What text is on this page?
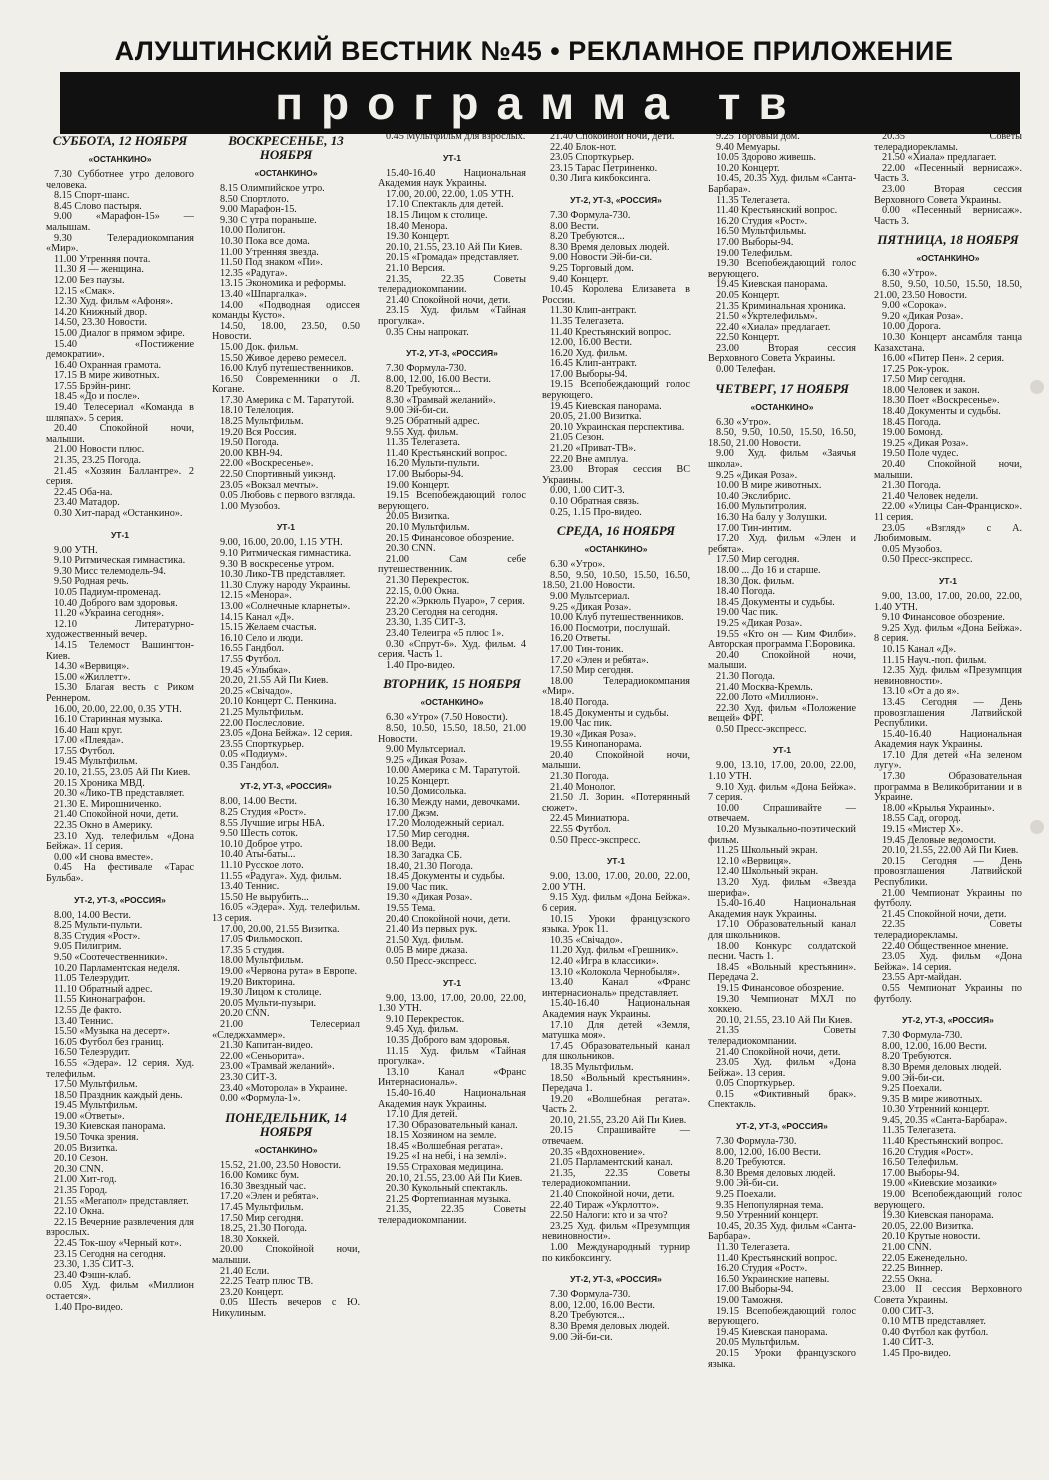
АЛУШТИНСКИЙ ВЕСТНИК №45 • РЕКЛАМНОЕ ПРИЛОЖЕНИЕ
программа тв
СУББОТА, 12 НОЯБРЯ
«ОСТАНКИНО»

7.30 Субботнее утро делового человека.

8.15 Спорт-шанс.

8.45 Слово пастыря.

9.00 «Марафон-15» — малышам.

9.30 Телерадиокомпания «Мир».

11.00 Утренняя почта.

11.30 Я — женщина.

12.00 Без паузы.

12.15 «Смак».

12.30 Худ. фильм «Афоня».

14.20 Книжный двор.

14.50, 23.30 Новости.

15.00 Диалог в прямом эфире.

15.40 «Постижение демократии».

16.40 Охранная грамота.

17.15 В мире животных.

17.55 Брэйн-ринг.

18.45 «До и после».

19.40 Телесериал «Команда в шляпах». 5 серия.

20.40 Спокойной ночи, малыши.

21.00 Новости плюс.

21.35, 23.25 Погода.

21.45 «Хозяин Баллантре». 2 серия.

22.45 Оба-на.

23.40 Матадор.

0.30 Хит-парад «Останкино».

УТ-1

9.00 УТН.

9.10 Ритмическая гимнастика.

9.30 Мисс телемодель-94.

9.50 Родная речь.

10.05 Падиум-променад.

10.40 Доброго вам здоровья.

11.20 «Украина сегодня».

12.10 Литературно-художественный вечер.

14.15 Телемост Вашингтон-Киев.

14.30 «Вервиця».

15.00 «Жиллетт».

15.30 Благая весть с Риком Реннером.

16.00, 20.00, 22.00, 0.35 УТН.

16.10 Старинная музыка.

16.40 Наш круг.

17.00 «Плеяда».

17.55 Футбол.

19.45 Мультфильм.

20.10, 21.55, 23.05 Ай Пи Киев.

20.15 Хроника МВД.

20.30 «Лико-ТВ представляет.

21.30 Е. Мирошниченко.

21.40 Спокойной ночи, дети.

22.35 Окно в Америку.

23.10 Худ. телефильм «Дона Бейжа». 11 серия.

0.00 «И снова вместе».

0.45 На фестивале «Тарас Бульба».

УТ-2, УТ-3, «РОССИЯ»

8.00, 14.00 Вести.

8.25 Мульти-пульти.

8.35 Студия «Рост».

9.05 Пилигрим.

9.50 «Соотечественники».

10.20 Парламентская неделя.

11.05 Телеэрудит.

11.10 Обратный адрес.

11.55 Кинонаграфон.

12.55 Де факто.

13.40 Теннис.

15.50 «Музыка на десерт».

16.05 Футбол без границ.

16.50 Телеэрудит.

16.55 «Эдера». 12 серия. Худ. телефильм.

17.50 Мультфильм.

18.50 Праздник каждый день.

19.45 Мультфильм.

19.00 «Ответы».

19.30 Киевская панорама.

19.50 Точка зрения.

20.05 Визитка.

20.10 Сезон.

20.30 CNN.

21.00 Хит-год.

21.35 Город.

21.55 «Мегапол» представляет.

22.10 Окна.

22.15 Вечерние развлечения для взрослых.

22.45 Ток-шоу «Черный кот».

23.15 Сегодня на сегодня.

23.30, 1.35 СИТ-3.

23.40 Фэшн-клаб.

0.05 Худ. фильм «Миллион остается».

1.40 Про-видео.

ВОСКРЕСЕНЬЕ, 13 НОЯБРЯ
«ОСТАНКИНО»

8.15 Олимпийское утро.

8.50 Спортлото.

9.00 Марафон-15.

9.30 С утра пораньше.

10.00 Полигон.

10.30 Пока все дома.

11.00 Утренняя звезда.

11.50 Под знаком «Пи».

12.35 «Радуга».

13.15 Экономика и реформы.

13.40 «Шпаргалка».

14.00 «Подводная одиссея команды Кусто».

14.50, 18.00, 23.50, 0.50 Новости.

15.00 Док. фильм.

15.50 Живое дерево ремесел.

16.00 Клуб путешественников.

16.50 Современники о Л. Когане.

17.30 Америка с М. Таратутой.

18.10 Телелоция.

18.25 Мультфильм.

19.20 Вся Россия.

19.50 Погода.

20.00 КВН-94.

22.00 «Воскресенье».

22.50 Спортивный уикэнд.

23.05 «Вокзал мечты».

0.05 Любовь с первого взгляда.

1.00 Музобоз.

УТ-1

9.00, 16.00, 20.00, 1.15 УТН.

9.10 Ритмическая гимнастика.

9.30 В воскресенье утром.

10.30 Лико-ТВ представляет.

11.30 Служу народу Украины.

12.15 «Менора».

13.00 «Солнечные кларнеты».

14.15 Канал «Д».

15.15 Желаем счастья.

16.10 Село и люди.

16.55 Гандбол.

17.55 Футбол.

19.45 «Улыбка».

20.20, 21.55 Ай Пи Киев.

20.25 «Свічадо».

20.10 Концерт С. Пенкина.

21.25 Мультфильм.

22.00 Послесловие.

23.05 «Дона Бейжа». 12 серия.

23.55 Спорткурьер.

0.05 «Подиум».

0.35 Гандбол.

УТ-2, УТ-3, «РОССИЯ»

8.00, 14.00 Вести.

8.25 Студия «Рост».

8.55 Лучшие игры НБА.

9.50 Шесть соток.

10.10 Доброе утро.

10.40 Аты-баты...

11.10 Русское лото.

11.55 «Радуга». Худ. фильм.

13.40 Теннис.

15.50 Не вырубить...

16.05 «Эдера». Худ. телефильм. 13 серия.

17.00, 20.00, 21.55 Визитка.

17.05 Фильмоскоп.

17.35 5 студия.

18.00 Мультфильм.

19.00 «Червона рута» в Европе.

19.20 Викторина.

19.30 Лицом к столице.

20.05 Мульти-пузыри.

20.20 CNN.

21.00 Телесериал «Следжхаммер».

21.30 Капитан-видео.

22.00 «Сеньорита».

23.00 «Трамвай желаний».

23.30 СИТ-3.

23.40 «Моторола» в Украине.

0.00 «Формула-1».

ПОНЕДЕЛЬНИК, 14 НОЯБРЯ
«ОСТАНКИНО»

15.52, 21.00, 23.50 Новости.

16.00 Комикс бум.

16.30 Звездный час.

17.20 «Элен и ребята».

17.45 Мультфильм.

17.50 Мир сегодня.

18.25, 21.30 Погода.

18.30 Хоккей.

20.00 Спокойной ночи, малыши.

21.40 Если.

22.25 Театр плюс ТВ.

23.20 Концерт.

0.05 Шесть вечеров с Ю. Никулиным.

0.45 Мультфильм для взрослых.

УТ-1

15.40-16.40 Национальная Академия наук Украины.

17.00, 20.00, 22.00, 1.05 УТН.

17.10 Спектакль для детей.

18.15 Лицом к столице.

18.40 Менора.

19.30 Концерт.

20.10, 21.55, 23.10 Ай Пи Киев.

20.15 «Громада» представляет.

21.10 Версия.

21.35, 22.35 Советы телерадиокомпании.

21.40 Спокойной ночи, дети.

23.15 Худ. фильм «Тайная прогулка».

0.35 Сны напрокат.

УТ-2, УТ-3, «РОССИЯ»

7.30 Формула-730.

8.00, 12.00, 16.00 Вести.

8.20 Требуются...

8.30 «Трамвай желаний».

9.00 Эй-би-си.

9.25 Обратный адрес.

9.55 Худ. фильм.

11.35 Телегазета.

11.40 Крестьянский вопрос.

16.20 Мульти-пульти.

17.00 Выборы-94.

19.00 Концерт.

19.15 Всепобеждающий голос верующего.

20.05 Визитка.

20.10 Мультфильм.

20.15 Финансовое обозрение.

20.30 CNN.

21.00 Сам себе путешественник.

21.30 Перекресток.

22.15, 0.00 Окна.

22.20 «Эркюль Пуаро», 7 серия.

23.20 Сегодня на сегодня.

23.30, 1.35 СИТ-3.

23.40 Телеигра «5 плюс 1».

0.30 «Спрут-6». Худ. фильм. 4 серия. Часть 1.

1.40 Про-видео.

ВТОРНИК, 15 НОЯБРЯ
«ОСТАНКИНО»

6.30 «Утро» (7.50 Новости).

8.50, 10.50, 15.50, 18.50, 21.00 Новости.

9.00 Мультсериал.

9.25 «Дикая Роза».

10.00 Америка с М. Таратутой.

10.25 Концерт.

10.50 Домисолька.

16.30 Между нами, девочками.

17.00 Джэм.

17.20 Молодежный сериал.

17.50 Мир сегодня.

18.00 Веди.

18.30 Загадка СБ.

18.40, 21.30 Погода.

18.45 Документы и судьбы.

19.00 Час пик.

19.30 «Дикая Роза».

19.55 Тема.

20.40 Спокойной ночи, дети.

21.40 Из первых рук.

21.50 Худ. фильм.

0.05 В мире джаза.

0.50 Пресс-экспресс.

УТ-1

9.00, 13.00, 17.00, 20.00, 22.00, 1.30 УТН.

9.10 Перекресток.

9.45 Худ. фильм.

10.35 Доброго вам здоровья.

11.15 Худ. фильм «Тайная прогулка».

13.10 Канал «Франс Интернасиональ».

15.40-16.40 Национальная Академия наук Украины.

17.10 Для детей.

17.30 Образовательный канал.

18.15 Хозяином на земле.

18.45 «Волшебная регата».

19.25 «І на небі, і на землі».

19.55 Страховая медицина.

20.10, 21.55, 23.00 Ай Пи Киев.

20.30 Кукольный спектакль.

21.25 Фортепианная музыка.

21.35, 22.35 Советы телерадиокомпании.

21.40 Спокойной ночи, дети.

22.40 Блок-нот.

23.05 Спорткурьер.

23.15 Тарас Петриненко.

0.30 Лига кикбоксинга.

УТ-2, УТ-3, «РОССИЯ»

7.30 Формула-730.

8.00 Вести.

8.20 Требуются...

8.30 Время деловых людей.

9.00 Новости Эй-би-си.

9.25 Торговый дом.

9.40 Концерт.

10.45 Королева Елизавета в России.

11.30 Клип-антракт.

11.35 Телегазета.

11.40 Крестьянский вопрос.

12.00, 16.00 Вести.

16.20 Худ. фильм.

16.45 Клип-антракт.

17.00 Выборы-94.

19.15 Всепобеждающий голос верующего.

19.45 Киевская панорама.

20.05, 21.00 Визитка.

20.10 Украинская перспектива.

21.05 Сезон.

21.20 «Приват-ТВ».

22.20 Вне амплуа.

23.00 Вторая сессия ВС Украины.

0.00, 1.00 СИТ-3.

0.10 Обратная связь.

0.25, 1.15 Про-видео.

СРЕДА, 16 НОЯБРЯ
«ОСТАНКИНО»

6.30 «Утро».

8.50, 9.50, 10.50, 15.50, 16.50, 18.50, 21.00 Новости.

9.00 Мультсериал.

9.25 «Дикая Роза».

10.00 Клуб путешественников.

16.00 Посмотри, послушай.

16.20 Ответы.

17.00 Тин-тоник.

17.20 «Элен и ребята».

17.50 Мир сегодня.

18.00 Телерадиокомпания «Мир».

18.40 Погода.

18.45 Документы и судьбы.

19.00 Час пик.

19.30 «Дикая Роза».

19.55 Кинопанорама.

20.40 Спокойной ночи, малыши.

21.30 Погода.

21.40 Монолог.

21.50 Л. Зорин. «Потерянный сюжет».

22.45 Миниатюра.

22.55 Футбол.

0.50 Пресс-экспресс.

УТ-1

9.00, 13.00, 17.00, 20.00, 22.00, 2.00 УТН.

9.15 Худ. фильм «Дона Бейжа». 6 серия.

10.15 Уроки французского языка. Урок 11.

10.35 «Свічадо».

11.20 Худ. фильм «Грешник».

12.40 «Игра в классики».

13.10 «Колокола Чернобыля».

13.40 Канал «Франс интернасиональ» представляет.

15.40-16.40 Национальная Академия наук Украины.

17.10 Для детей «Земля, матушка моя».

17.45 Образовательный канал для школьников.

18.35 Мультфильм.

18.50 «Вольный крестьянин». Передача 1.

19.20 «Волшебная регата». Часть 2.

20.10, 21.55, 23.20 Ай Пи Киев.

20.15 Спрашивайте — отвечаем.

20.35 «Вдохновение».

21.05 Парламентский канал.

21.35, 22.35 Советы телерадиокомпании.

21.40 Спокойной ночи, дети.

22.40 Тираж «Укрлотто».

22.50 Налоги: кто и за что?

23.25 Худ. фильм «Презумпция невиновности».

1.00 Международный турнир по кикбоксингу.

УТ-2, УТ-3, «РОССИЯ»

7.30 Формула-730.

8.00, 12.00, 16.00 Вести.

8.20 Требуются...

8.30 Время деловых людей.

9.00 Эй-би-си.

9.25 Торговый дом.

9.40 Мемуары.

10.05 Здорово живешь.

10.20 Концерт.

10.45, 20.35 Худ. фильм «Санта-Барбара».

11.35 Телегазета.

11.40 Крестьянский вопрос.

16.20 Студия «Рост».

16.50 Мультфильмы.

17.00 Выборы-94.

19.00 Телефильм.

19.30 Всепобеждающий голос верующего.

19.45 Киевская панорама.

20.05 Концерт.

21.35 Криминальная хроника.

21.50 «Укртелефильм».

22.40 «Хиала» предлагает.

22.50 Концерт.

23.00 Вторая сессия Верховного Совета Украины.

0.00 Телефан.

ЧЕТВЕРГ, 17 НОЯБРЯ
«ОСТАНКИНО»

6.30 «Утро».

8.50, 9.50, 10.50, 15.50, 16.50, 18.50, 21.00 Новости.

9.00 Худ. фильм «Заячья школа».

9.25 «Дикая Роза».

10.00 В мире животных.

10.40 Экслибрис.

16.00 Мультитролия.

16.30 На балу у Золушки.

17.00 Тин-интим.

17.20 Худ. фильм «Элен и ребята».

17.50 Мир сегодня.

18.00 ... До 16 и старше.

18.30 Док. фильм.

18.40 Погода.

18.45 Документы и судьбы.

19.00 Час пик.

19.25 «Дикая Роза».

19.55 «Кто он — Ким Филби». Авторская программа Г.Боровика.

20.40 Спокойной ночи, малыши.

21.30 Погода.

21.40 Москва-Кремль.

22.00 Лото «Миллион».

22.30 Худ. фильм «Положение вещей» ФРГ.

0.50 Пресс-экспресс.

УТ-1

9.00, 13.10, 17.00, 20.00, 22.00, 1.10 УТН.

9.10 Худ. фильм «Дона Бейжа». 7 серия.

10.00 Спрашивайте — отвечаем.

10.20 Музыкально-поэтический фильм.

11.25 Школьный экран.

12.10 «Вервиця».

12.40 Школьный экран.

13.20 Худ. фильм «Звезда шерифа».

15.40-16.40 Национальная Академия наук Украины.

17.10 Образовательный канал для школьников.

18.00 Конкурс солдатской песни. Часть 1.

18.45 «Вольный крестьянин». Передача 2.

19.15 Финансовое обозрение.

19.30 Чемпионат МХЛ по хоккею.

20.10, 21.55, 23.10 Ай Пи Киев.

21.35 Советы телерадиокомпании.

21.40 Спокойной ночи, дети.

23.05 Худ. фильм «Дона Бейжа». 13 серия.

0.05 Спорткурьер.

0.15 «Фиктивный брак». Спектакль.

УТ-2, УТ-3, «РОССИЯ»

7.30 Формула-730.

8.00, 12.00, 16.00 Вести.

8.20 Требуются.

8.30 Время деловых людей.

9.00 Эй-би-си.

9.25 Поехали.

9.35 Непопулярная тема.

9.50 Утренний концерт.

10.45, 20.35 Худ. фильм «Санта-Барбара».

11.30 Телегазета.

11.40 Крестьянский вопрос.

16.20 Студия «Рост».

16.50 Украинские напевы.

17.00 Выборы-94.

19.00 Таможня.

19.15 Всепобеждающий голос верующего.

19.45 Киевская панорама.

20.05 Мультфильм.

20.15 Уроки французского языка.

20.35 Советы телерадиорекламы.

21.50 «Хиала» предлагает.

22.00 «Песенный вернисаж». Часть 3.

23.00 Вторая сессия Верховного Совета Украины.

0.00 «Песенный вернисаж». Часть 3.

ПЯТНИЦА, 18 НОЯБРЯ
«ОСТАНКИНО»

6.30 «Утро».

8.50, 9.50, 10.50, 15.50, 18.50, 21.00, 23.50 Новости.

9.00 «Сорока».

9.20 «Дикая Роза».

10.00 Дорога.

10.30 Концерт ансамбля танца Казахстана.

16.00 «Питер Пен». 2 серия.

17.25 Рок-урок.

17.50 Мир сегодня.

18.00 Человек и закон.

18.30 Поет «Воскресенье».

18.40 Документы и судьбы.

18.45 Погода.

19.00 Бомонд.

19.25 «Дикая Роза».

19.50 Поле чудес.

20.40 Спокойной ночи, малыши.

21.30 Погода.

21.40 Человек недели.

22.00 «Улицы Сан-Франциско». 11 серия.

23.05 «Взгляд» с А. Любимовым.

0.05 Музобоз.

0.50 Пресс-экспресс.

УТ-1

9.00, 13.00, 17.00, 20.00, 22.00, 1.40 УТН.

9.10 Финансовое обозрение.

9.25 Худ. фильм «Дона Бейжа». 8 серия.

10.15 Канал «Д».

11.15 Науч.-поп. фильм.

12.35 Худ. фильм «Презумпция невиновности».

13.10 «От а до я».

13.45 Сегодня — День провозглашения Латвийской Республики.

15.40-16.40 Национальная Академия наук Украины.

17.10 Для детей «На зеленом лугу».

17.30 Образовательная программа в Великобритании и в Украине.

18.00 «Крылья Украины».

18.55 Сад, огород.

19.15 «Мистер Х».

19.45 Деловые ведомости.

20.10, 21.55, 22.00 Ай Пи Киев.

20.15 Сегодня — День провозглашения Латвийской Республики.

21.00 Чемпионат Украины по футболу.

21.45 Спокойной ночи, дети.

22.35 Советы телерадиорекламы.

22.40 Общественное мнение.

23.05 Худ. фильм «Дона Бейжа». 14 серия.

23.55 Арт-майдан.

0.55 Чемпионат Украины по футболу.

УТ-2, УТ-3, «РОССИЯ»

7.30 Формула-730.

8.00, 12.00, 16.00 Вести.

8.20 Требуются.

8.30 Время деловых людей.

9.00 Эй-би-си.

9.25 Поехали.

9.35 В мире животных.

10.30 Утренний концерт.

9.45, 20.35 «Санта-Барбара».

11.35 Телегазета.

11.40 Крестьянский вопрос.

16.20 Студия «Рост».

16.50 Телефильм.

17.00 Выборы-94.

19.00 «Киевские мозаики»

19.00 Всепобеждающий голос верующего.

19.30 Киевская панорама.

20.05, 22.00 Визитка.

20.10 Крутые новости.

21.00 CNN.

22.05 Еженедельно.

22.25 Виннер.

22.55 Окна.

23.00 II сессия Верховного Совета Украины.

0.00 СИТ-3.

0.10 МТВ представляет.

0.40 Футбол как футбол.

1.40 СИТ-3.

1.45 Про-видео.
